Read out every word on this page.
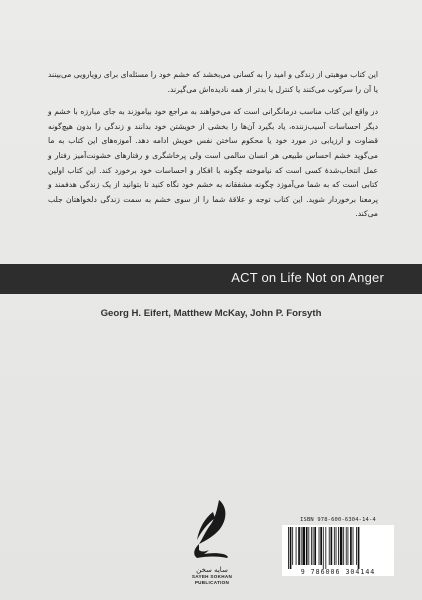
این کتاب موهبتی از زندگی و امید را به کسانی می‌بخشد که خشم خود را مسئله‌ای برای رویارویی می‌بینند یا آن را سرکوب می‌کنند یا کنترل یا بدتر از همه نادیده‌اش می‌گیرند.

در واقع این کتاب مناسب درمانگرانی است که می‌خواهند به مراجع خود بیاموزند به جای مبارزه با خشم و دیگر احساسات آسیب‌زننده، یاد بگیرد آن‌ها را بخشی از خویشتن خود بدانند و زندگی را بدون هیچ‌گونه قضاوت و ارزیابی در مورد خود یا محکوم ساختن نفس خویش ادامه دهد. آموزه‌های این کتاب به ما می‌گوید خشم احساس طبیعی هر انسان سالمی است ولی پرخاشگری و رفتارهای خشونت‌آمیز رفتار و عمل انتخاب‌شدهٔ کسی است که نیاموخته چگونه با افکار و احساسات خود برخورد کند. این کتاب اولین کتابی است که به شما می‌آموزد چگونه مشفقانه به خشم خود نگاه کنید تا بتوانید از یک زندگی هدفمند و پرمعنا برخوردار شوید. این کتاب توجه و علاقهٔ شما را از سوی خشم به سمت زندگی دلخواهتان جلب می‌کند.

ACT on Life Not on Anger
Georg H. Eifert, Matthew McKay, John P. Forsyth
سایه سخن
SAYEH SOKHAN
PUBLICATION
ISBN 978-600-6304-14-4
9 786006 304144
